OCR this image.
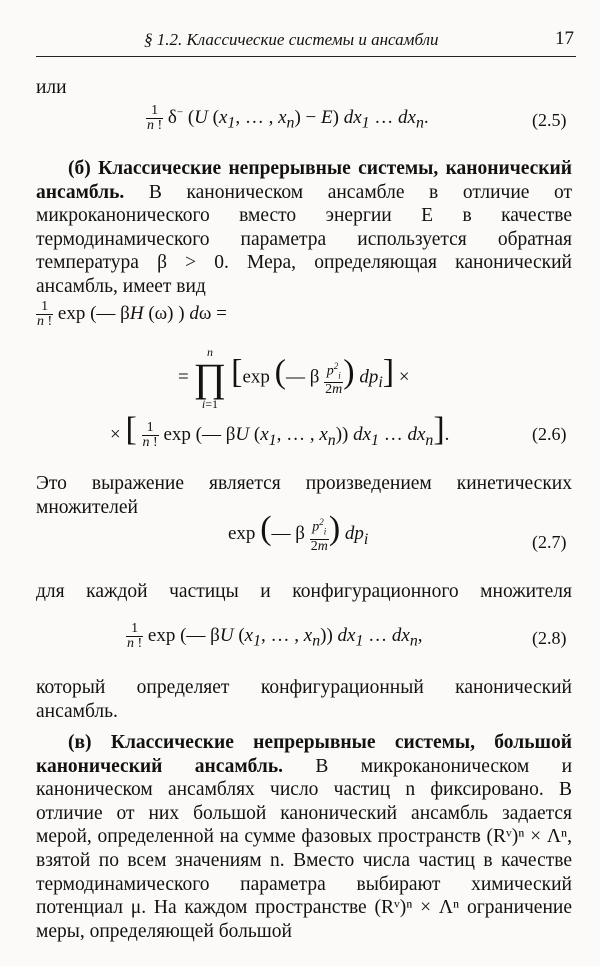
§ 1.2. Классические системы и ансамбли	17
или
$\frac{1}{n !} \delta^-$ (U ($x_1$, … , $x_n) - E$) $dx_1$ … $dx_n$.	(2.5)
(б) Классические непрерывные системы, канонический ансамбль. В каноническом ансамбле в отличие от микроканонического вместо энергии E в качестве термодинамического параметра используется обратная температура β > 0. Мера, определяющая канонический ансамбль, имеет вид
$\frac{1}{n !}$ exp (— βH (ω) ) dω =
=
n
∏
i=1
[exp (— β $\frac{p^2_i}{2m}$ ) $dp_i$] ×
× [ $\frac{1}{n !}$ exp (— βU ($x_1$, … , $x_n$)) $dx_1$ … $dx_n$].	(2.6)
Это выражение является произведением кинетических множителей
exp (— β $\frac{p^2_i}{2m}$ ) $dp_i$	(2.7)
для каждой частицы и конфигурационного множителя
$\frac{1}{n !}$ exp (— βU ($x_1$, … , $x_n$)) $dx_1$ … $dx_n$,	(2.8)
который определяет конфигурационный канонический ансамбль.
(в) Классические непрерывные системы, большой канонический ансамбль. В микроканоническом и каноническом ансамблях число частиц n фиксировано. В отличие от них большой канонический ансамбль задается мерой, определенной на сумме фазовых пространств (Rᵛ)ⁿ × Λⁿ, взятой по всем значениям n. Вместо числа частиц в качестве термодинамического параметра выбирают химический потенциал μ. На каждом пространстве (Rᵛ)ⁿ × Λⁿ ограничение меры, определяющей большой
